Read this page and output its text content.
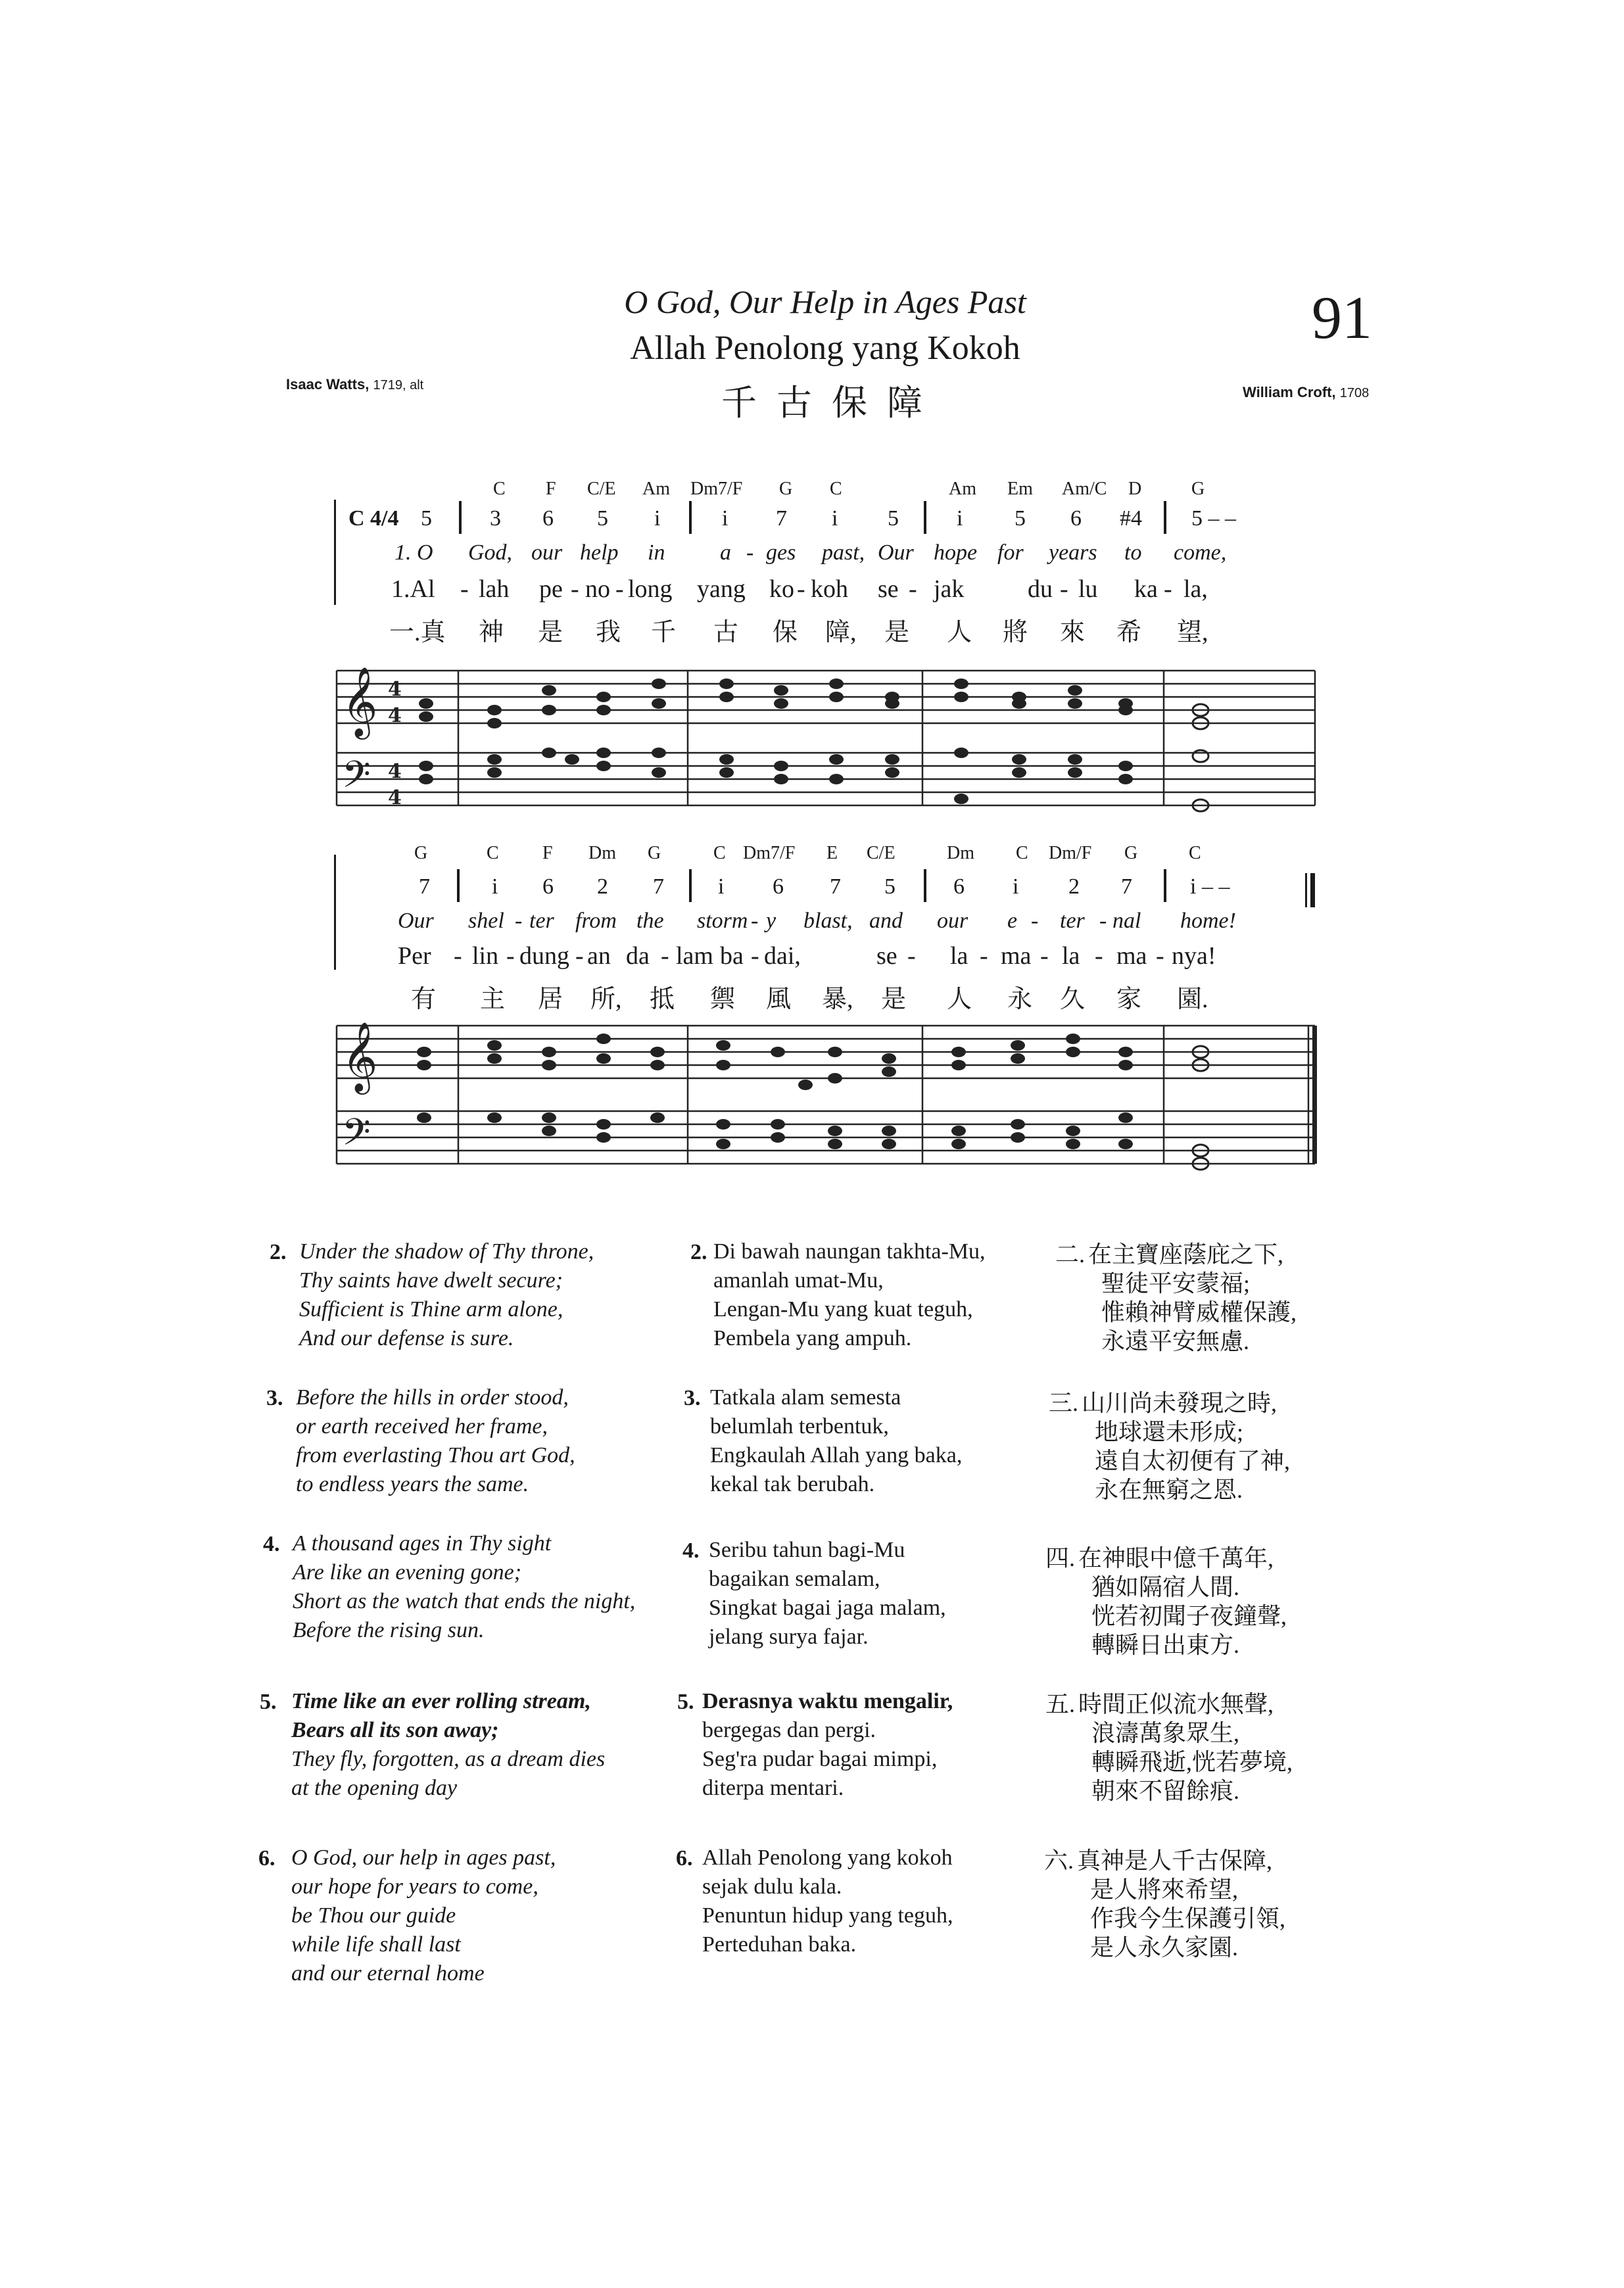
O God, Our Help in Ages Past
Allah Penolong yang Kokoh
千古保障
91
Isaac Watts, 1719, alt	William Croft, 1708
C F C/E Am Dm7/F G C	Am Em Am/C D	G
C 4/4 5	3 6 5 i	i 7 i 5	i 5 6 #4 5 – –
1. O God, our help in a - ges past, Our hope for years to come,
1.Al - lah pe - no - long yang ko - koh se - jak	du - lu ka - la,
一.真 神 是 我 千 古 保 障, 是 人 將 來 希 望,
G	C F Dm G	C Dm7/F E C/E	Dm C Dm/F G	C
7	i 6 2 7 i 6 7 5	6 i 2 7	i – –
Our shel - ter from the storm - y blast, and our e - ter - nal home!
Per - lin - dung - an da - lam ba - dai,	se - la - ma - la - ma - nya!
有 主 居 所, 抵 禦 風 暴, 是 人 永 久 家 園.
𝄞
𝄢
𝄞
𝄢
4
4
4
4
2. Under the shadow of Thy throne,
Thy saints have dwelt secure;
Sufficient is Thine arm alone,
And our defense is sure.
2. Di bawah naungan takhta-Mu,
amanlah umat-Mu,
Lengan-Mu yang kuat teguh,
Pembela yang ampuh.
二. 在主寶座蔭庇之下,
聖徒平安蒙福;
惟賴神臂威權保護,
永遠平安無慮.
3. Before the hills in order stood,
or earth received her frame,
from everlasting Thou art God,
to endless years the same.
3. Tatkala alam semesta
belumlah terbentuk,
Engkaulah Allah yang baka,
kekal tak berubah.
三. 山川尚未發現之時,
地球還未形成;
遠自太初便有了神,
永在無窮之恩.
4. A thousand ages in Thy sight
Are like an evening gone;
Short as the watch that ends the night,
Before the rising sun.
4. Seribu tahun bagi-Mu
bagaikan semalam,
Singkat bagai jaga malam,
jelang surya fajar.
四. 在神眼中億千萬年,
猶如隔宿人間.
恍若初聞子夜鐘聲,
轉瞬日出東方.
5. Time like an ever rolling stream,
Bears all its son away;
They fly, forgotten, as a dream dies
at the opening day
5. Derasnya waktu mengalir,
bergegas dan pergi.
Seg'ra pudar bagai mimpi,
diterpa mentari.
五. 時間正似流水無聲,
浪濤萬象眾生,
轉瞬飛逝,恍若夢境,
朝來不留餘痕.
6. O God, our help in ages past,
our hope for years to come,
be Thou our guide
while life shall last
and our eternal home
6. Allah Penolong yang kokoh
sejak dulu kala.
Penuntun hidup yang teguh,
Perteduhan baka.
六. 真神是人千古保障,
是人將來希望,
作我今生保護引領,
是人永久家園.
